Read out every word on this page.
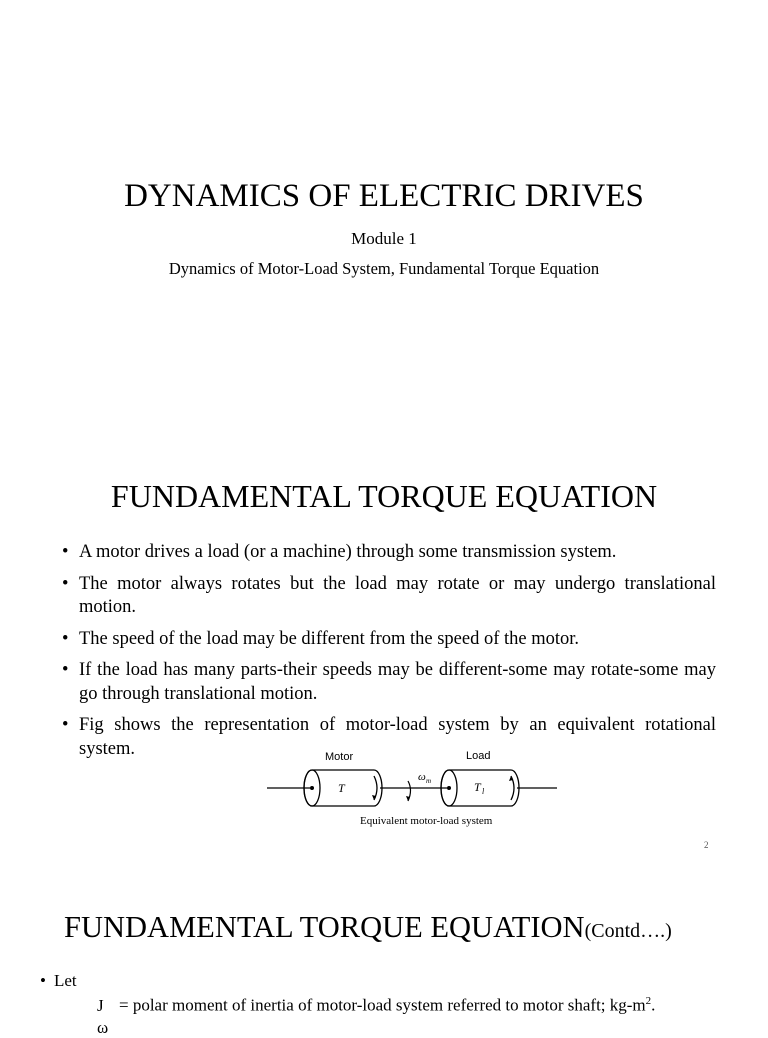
DYNAMICS OF ELECTRIC DRIVES
Module 1
Dynamics of Motor-Load System, Fundamental Torque Equation
FUNDAMENTAL TORQUE EQUATION
• A motor drives a load (or a machine) through some transmission system.
• The motor always rotates but the load may rotate or may undergo translational motion.
• The speed of the load may be different from the speed of the motor.
• If the load has many parts-their speeds may be different-some may rotate-some may go through translational motion.
• Fig shows the representation of motor-load system by an equivalent rotational system.	Motor	Load
T	T l
ω m
Equivalent motor-load system
2
FUNDAMENTAL TORQUE EQUATION(Contd….)
• Let
J = polar moment of inertia of motor-load system referred to motor shaft; $kg-m^2$.
ω
